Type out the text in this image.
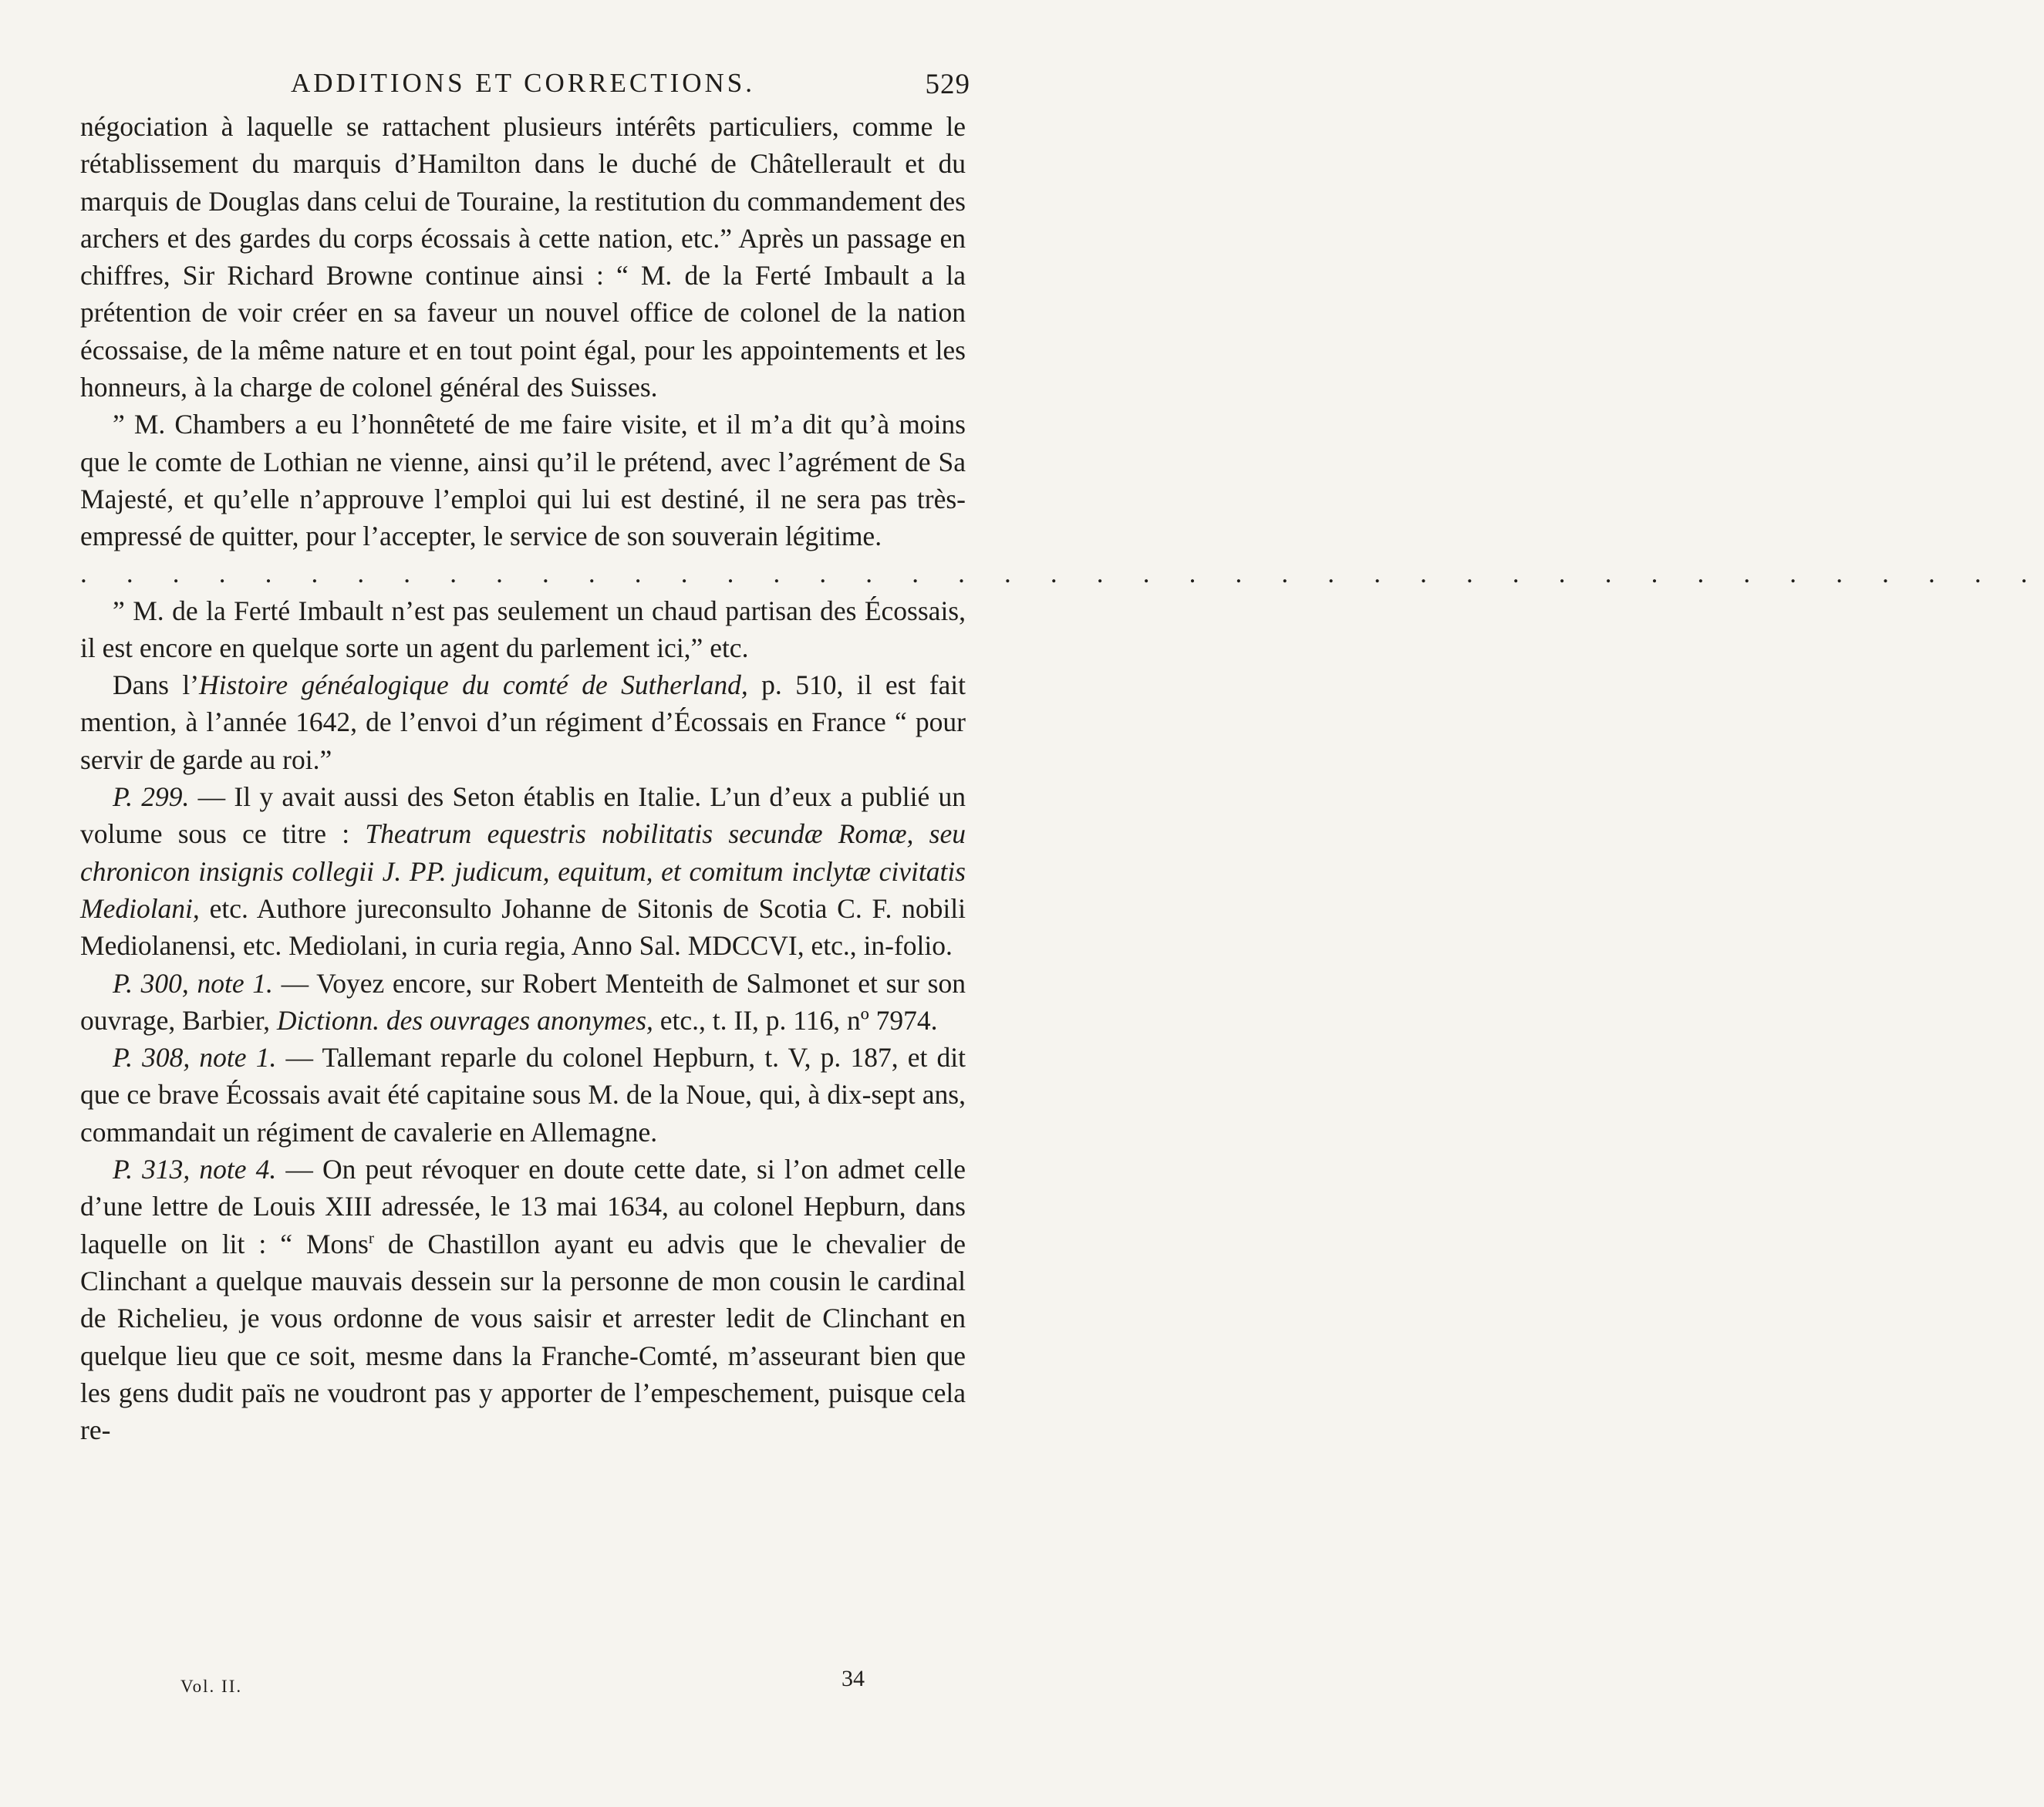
ADDITIONS ET CORRECTIONS.	529

négociation à laquelle se rattachent plusieurs intérêts particuliers, comme le rétablissement du marquis d’Hamilton dans le duché de Châtellerault et du marquis de Douglas dans celui de Touraine, la restitution du commandement des archers et des gardes du corps écossais à cette nation, etc.” Après un passage en chiffres, Sir Richard Browne continue ainsi : “ M. de la Ferté Imbault a la prétention de voir créer en sa faveur un nouvel office de colonel de la nation écossaise, de la même nature et en tout point égal, pour les appointements et les honneurs, à la charge de colonel général des Suisses.

” M. Chambers a eu l’honnêteté de me faire visite, et il m’a dit qu’à moins que le comte de Lothian ne vienne, ainsi qu’il le prétend, avec l’agrément de Sa Majesté, et qu’elle n’approuve l’emploi qui lui est destiné, il ne sera pas très-empressé de quitter, pour l’accepter, le service de son souverain légitime.

. . . . . . . . . . . . . . . . . . . . . . . . . . . . . . . . . . . . . . . . . . .

” M. de la Ferté Imbault n’est pas seulement un chaud partisan des Écossais, il est encore en quelque sorte un agent du parlement ici,” etc.

Dans l’Histoire généalogique du comté de Sutherland, p. 510, il est fait mention, à l’année 1642, de l’envoi d’un régiment d’Écossais en France “ pour servir de garde au roi.”

P. 299. — Il y avait aussi des Seton établis en Italie. L’un d’eux a publié un volume sous ce titre : Theatrum equestris nobilitatis secundæ Romæ, seu chronicon insignis collegii J. PP. judicum, equitum, et comitum inclytæ civitatis Mediolani, etc. Authore jureconsulto Johanne de Sitonis de Scotia C. F. nobili Mediolanensi, etc. Mediolani, in curia regia, Anno Sal. MDCCVI, etc., in-folio.

P. 300, note 1. — Voyez encore, sur Robert Menteith de Salmonet et sur son ouvrage, Barbier, Dictionn. des ouvrages anonymes, etc., t. II, p. 116, nº 7974.

P. 308, note 1. — Tallemant reparle du colonel Hepburn, t. V, p. 187, et dit que ce brave Écossais avait été capitaine sous M. de la Noue, qui, à dix-sept ans, commandait un régiment de cavalerie en Allemagne.

P. 313, note 4. — On peut révoquer en doute cette date, si l’on admet celle d’une lettre de Louis XIII adressée, le 13 mai 1634, au colonel Hepburn, dans laquelle on lit : “ Mons$^r$ de Chastillon ayant eu advis que le chevalier de Clinchant a quelque mauvais dessein sur la personne de mon cousin le cardinal de Richelieu, je vous ordonne de vous saisir et arrester ledit de Clinchant en quelque lieu que ce soit, mesme dans la Franche-Comté, m’asseurant bien que les gens dudit païs ne voudront pas y apporter de l’empeschement, puisque cela re-

Vol. II.	34
